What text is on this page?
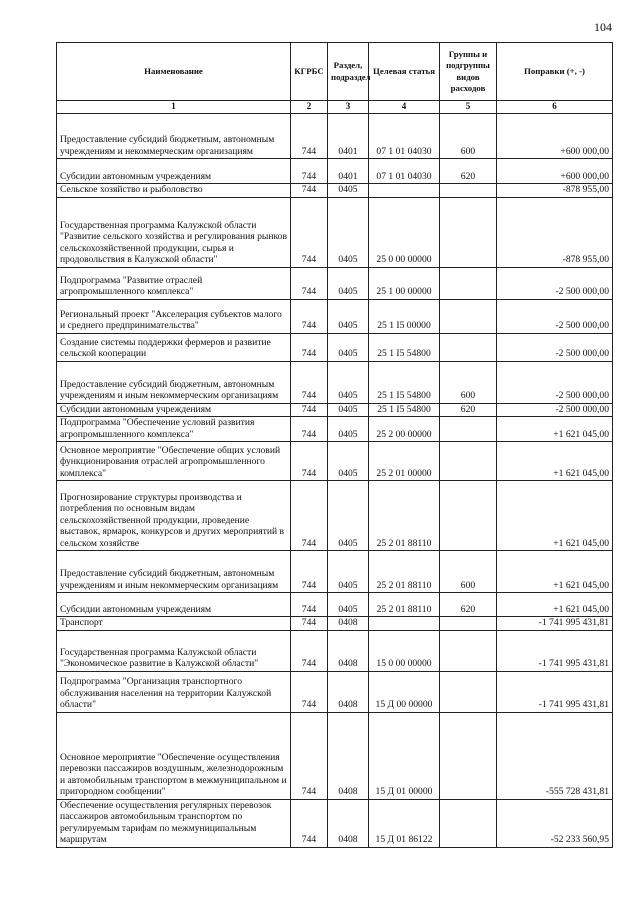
104
Наименование	КГРБС	Раздел, подраздел	Целевая статья	Группы и подгруппы видов расходов	Поправки (+, -)
1	2	3	4	5	6
Предоставление субсидий бюджетным, автономным учреждениям и некоммерческим организациям	744	0401	07 1 01 04030	600	+600 000,00
Субсидии автономным учреждениям	744	0401	07 1 01 04030	620	+600 000,00
Сельское хозяйство и рыболовство	744	0405			-878 955,00
Государственная программа Калужской области "Развитие сельского хозяйства и регулирования рынков сельскохозяйственной продукции, сырья и продовольствия в Калужской области"	744	0405	25 0 00 00000		-878 955,00
Подпрограмма "Развитие отраслей агропромышленного комплекса"	744	0405	25 1 00 00000		-2 500 000,00
Региональный проект "Акселерация субъектов малого и среднего предпринимательства"	744	0405	25 1 I5 00000		-2 500 000,00
Создание системы поддержки фермеров и развитие сельской кооперации	744	0405	25 1 I5 54800		-2 500 000,00
Предоставление субсидий бюджетным, автономным учреждениям и иным некоммерческим организациям	744	0405	25 1 I5 54800	600	-2 500 000,00
Субсидии автономным учреждениям	744	0405	25 1 I5 54800	620	-2 500 000,00
Подпрограмма "Обеспечение условий развития агропромышленного комплекса"	744	0405	25 2 00 00000		+1 621 045,00
Основное мероприятие "Обеспечение общих условий функционирования отраслей агропромышленного комплекса"	744	0405	25 2 01 00000		+1 621 045,00
Прогнозирование структуры производства и потребления по основным видам сельскохозяйственной продукции, проведение выставок, ярмарок, конкурсов и других мероприятий в сельском хозяйстве	744	0405	25 2 01 88110		+1 621 045,00
Предоставление субсидий бюджетным, автономным учреждениям и иным некоммерческим организациям	744	0405	25 2 01 88110	600	+1 621 045,00
Субсидии автономным учреждениям	744	0405	25 2 01 88110	620	+1 621 045,00
Транспорт	744	0408			-1 741 995 431,81
Государственная программа Калужской области "Экономическое развитие в Калужской области"	744	0408	15 0 00 00000		-1 741 995 431,81
Подпрограмма "Организация транспортного обслуживания населения на территории Калужской области"	744	0408	15 Д 00 00000		-1 741 995 431,81
Основное мероприятие "Обеспечение осуществления перевозки пассажиров воздушным, железнодорожным и автомобильным транспортом в межмуниципальном и пригородном сообщении"	744	0408	15 Д 01 00000		-555 728 431,81
Обеспечение осуществления регулярных перевозок пассажиров автомобильным транспортом по регулируемым тарифам по межмуниципальным маршрутам	744	0408	15 Д 01 86122		-52 233 560,95
